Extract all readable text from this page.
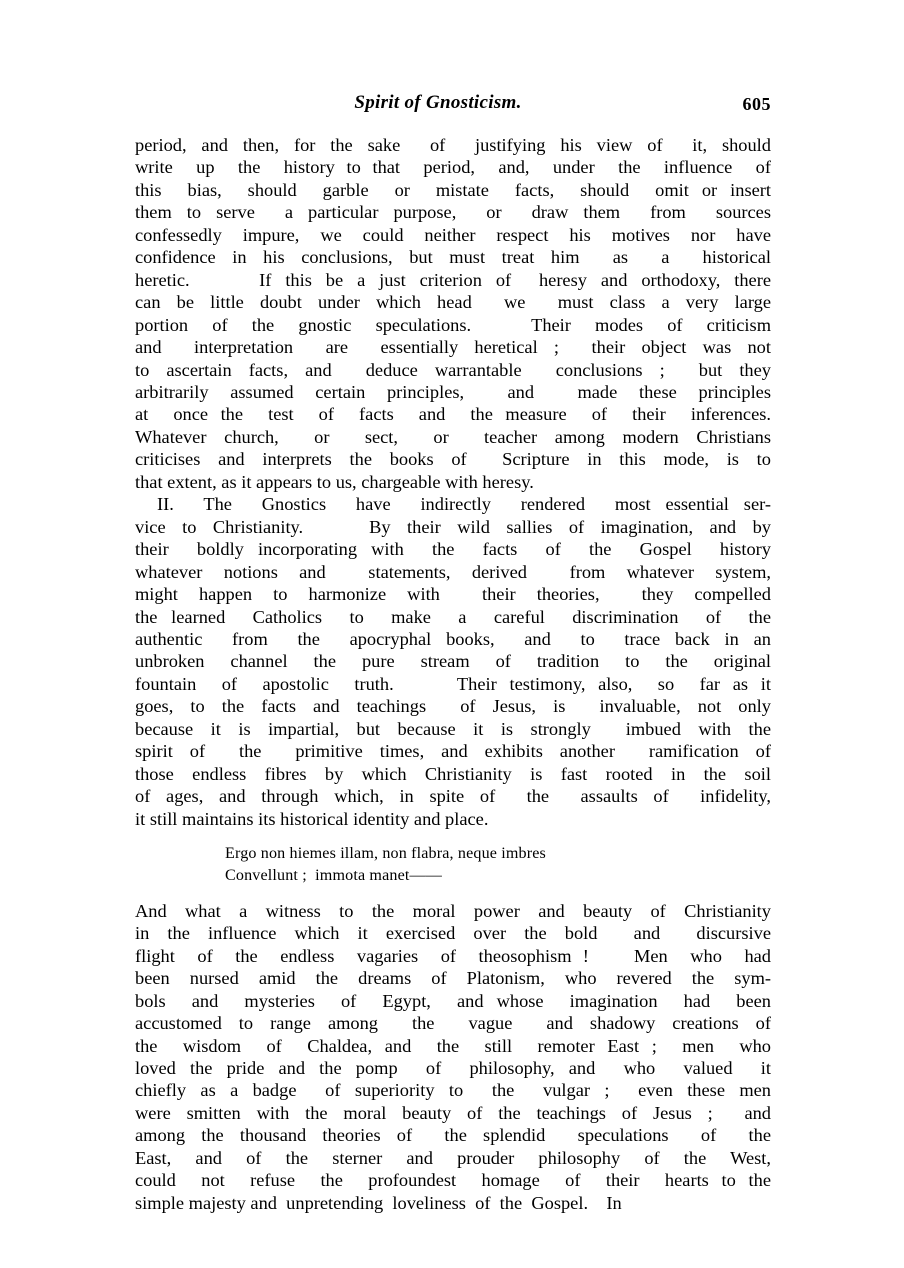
Spirit of Gnosticism.	605
period, and then, for the sake  of  justifying his view of  it, should
write  up  the  history to that  period,  and,  under  the  influence  of
this  bias,  should  garble  or  mistate  facts,  should  omit or insert
them to serve  a particular purpose,  or  draw them  from  sources
confessedly impure, we could neither respect his motives nor have
confidence in his conclusions, but must treat him  as  a  historical
heretic.     If this be a just criterion of  heresy and orthodoxy, there
can be little doubt under which head  we  must class a very large
portion  of  the  gnostic  speculations.     Their  modes  of  criticism
and  interpretation  are  essentially heretical ;  their object was not
to ascertain facts, and  deduce warrantable  conclusions ;  but they
arbitrarily assumed certain principles,  and  made these principles
at  once the  test  of  facts  and  the measure  of  their  inferences.
Whatever church,  or  sect,  or  teacher among modern Christians
criticises and interprets the books of  Scripture in this mode, is to
that extent, as it appears to us, chargeable with heresy.
II.  The  Gnostics  have  indirectly  rendered  most essential ser-
vice to Christianity.    By their wild sallies of imagination, and by
their  boldly incorporating with  the  facts  of  the  Gospel  history
whatever notions and  statements, derived  from whatever system,
might happen to harmonize with  their theories,  they compelled
the learned  Catholics  to  make  a  careful  discrimination  of  the
authentic  from  the  apocryphal books,  and  to  trace back in an
unbroken  channel  the  pure  stream  of  tradition  to  the  original
fountain  of  apostolic  truth.     Their testimony, also,  so  far as it
goes, to the facts and teachings  of Jesus, is  invaluable, not only
because it is impartial, but because it is strongly  imbued with the
spirit of  the  primitive times, and exhibits another  ramification of
those endless fibres by which Christianity is fast rooted in the soil
of ages, and through which, in spite of  the  assaults of  infidelity,
it still maintains its historical identity and place.
Ergo non hiemes illam, non flabra, neque imbres
Convellunt ;  immota manet——
And what a witness to the moral power and beauty of Christianity
in the influence which it exercised over the bold  and  discursive
flight  of  the  endless  vagaries  of  theosophism !    Men  who  had
been nursed amid the dreams of Platonism, who revered the sym-
bols  and  mysteries  of  Egypt,  and whose  imagination  had  been
accustomed to range among  the  vague  and shadowy creations of
the  wisdom  of  Chaldea, and  the  still  remoter East ;  men  who
loved the pride and the pomp  of  philosophy, and  who  valued  it
chiefly as a badge  of superiority to  the  vulgar ;  even these men
were smitten with the moral beauty of the teachings of Jesus ;  and
among the thousand theories of  the splendid  speculations  of  the
East,  and  of  the  sterner  and  prouder  philosophy  of  the  West,
could  not  refuse  the  profoundest  homage  of  their  hearts to the
simple majesty and  unpretending  loveliness  of  the  Gospel.    In
